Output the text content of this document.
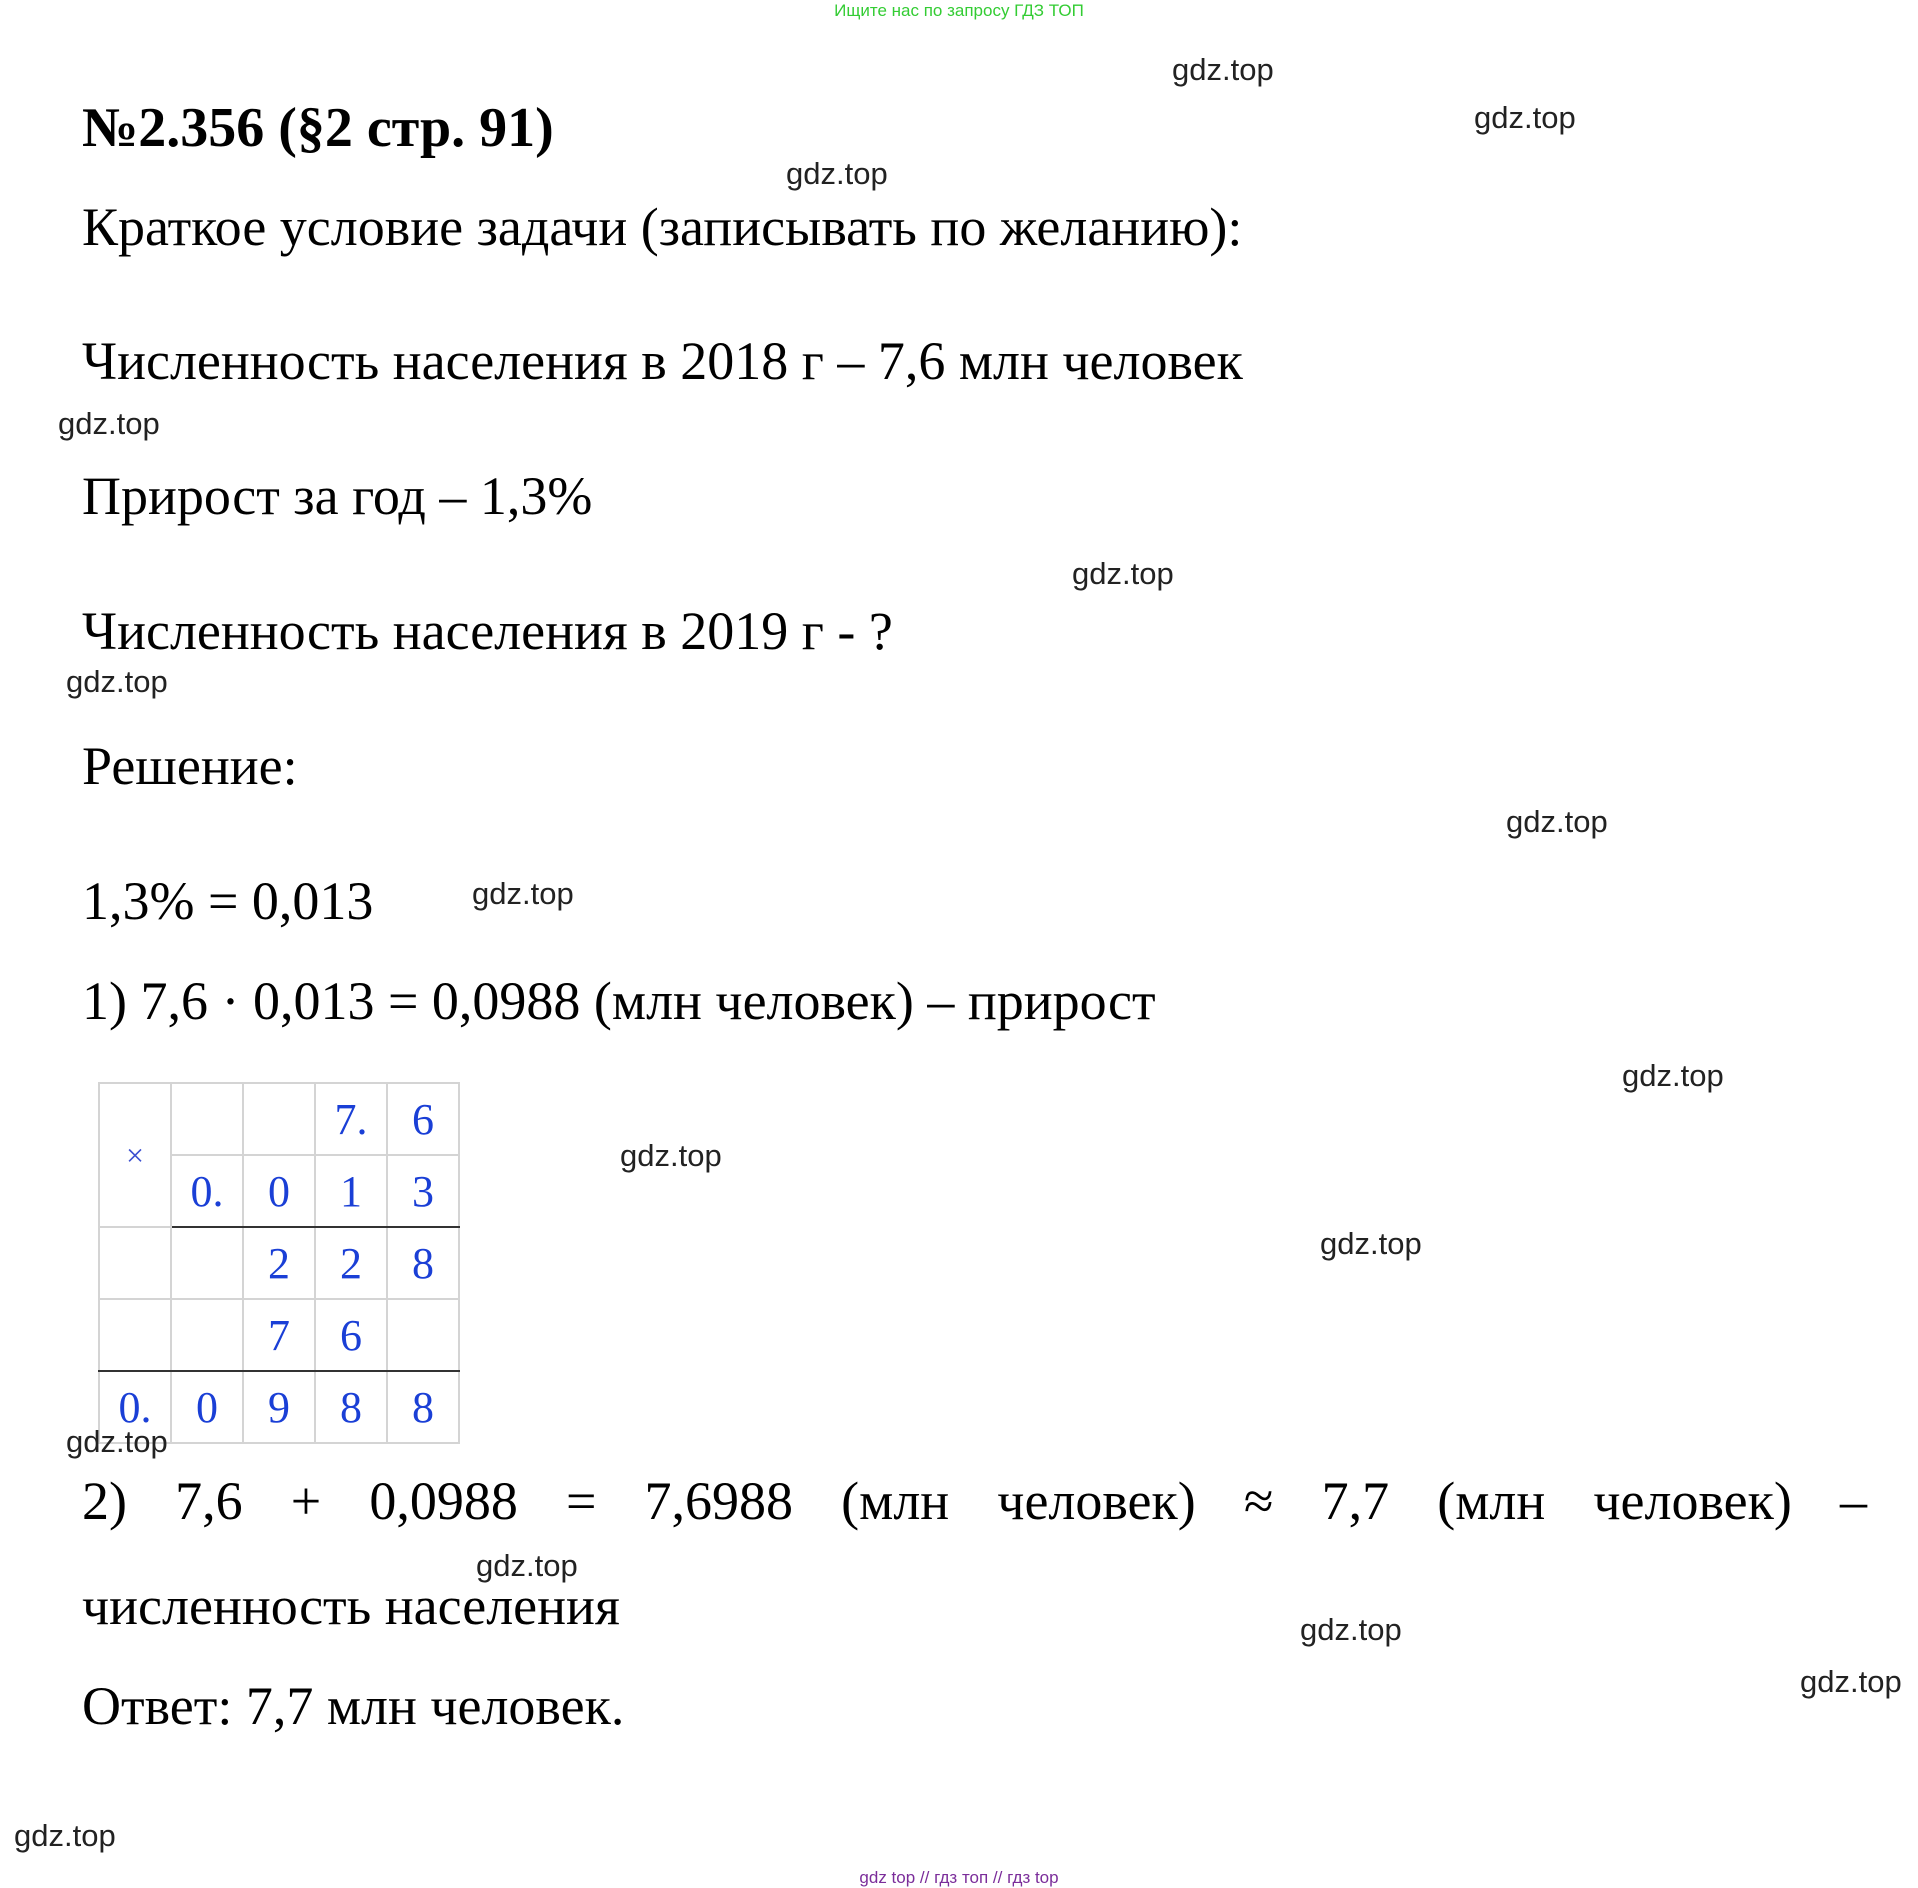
Ищите нас по запросу ГДЗ ТОП
№2.356 (§2 стр. 91)
Краткое условие задачи (записывать по желанию):
Численность населения в 2018 г – 7,6 млн человек
Прирост за год – 1,3%
Численность населения в 2019 г - ?
Решение:
1,3% = 0,013
1) 7,6 · 0,013 = 0,0988 (млн человек) – прирост
×			7.	6
	0.	0	1	3
		2	2	8
		7	6	
0.	0	9	8	8
2) 7,6 + 0,0988 = 7,6988 (млн человек) ≈ 7,7 (млн человек) –
численность населения
Ответ: 7,7 млн человек.
gdz.top
gdz.top
gdz.top
gdz.top
gdz.top
gdz.top
gdz.top
gdz.top
gdz.top
gdz.top
gdz.top
gdz.top
gdz.top
gdz.top
gdz.top
gdz.top
gdz top // гдз топ // гдз top
